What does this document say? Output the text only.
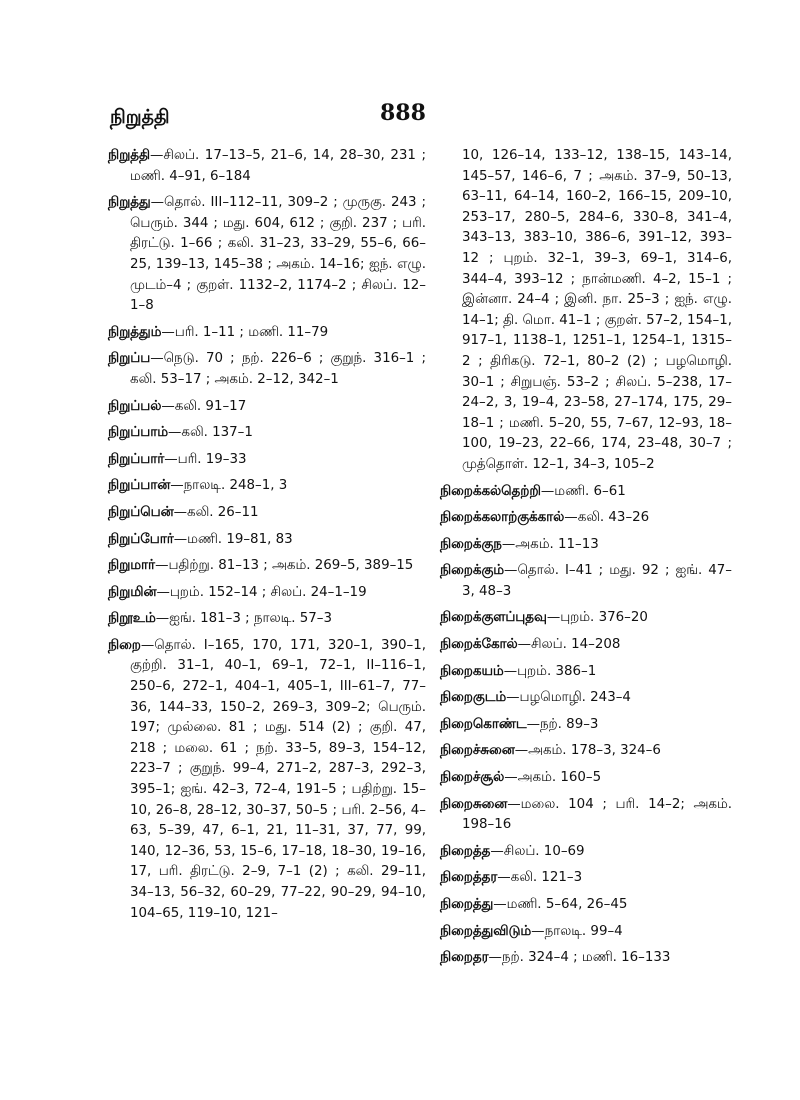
நிறுத்தி	888
நிறுத்தி—சிலப். 17–13–5, 21–6, 14, 28–30, 231 ; மணி. 4–91, 6–184
நிறுத்து—தொல். III–112–11, 309–2 ; முருகு. 243 ; பெரும். 344 ; மது. 604, 612 ; குறி. 237 ; பரி. திரட்டு. 1–66 ; கலி. 31–23, 33–29, 55–6, 66–25, 139–13, 145–38 ; அகம். 14–16; ஐந். எழு. முடம்–4 ; குறள். 1132–2, 1174–2 ; சிலப். 12–1–8
நிறுத்தும்—பரி. 1–11 ; மணி. 11–79
நிறுப்ப—நெடு. 70 ; நற். 226–6 ; குறுந். 316–1 ; கலி. 53–17 ; அகம். 2–12, 342–1
நிறுப்பல்—கலி. 91–17
நிறுப்பாம்—கலி. 137–1
நிறுப்பார்—பரி. 19–33
நிறுப்பான்—நாலடி. 248–1, 3
நிறுப்பென்—கலி. 26–11
நிறுப்போர்—மணி. 19–81, 83
நிறுமார்—பதிற்று. 81–13 ; அகம். 269–5, 389–15
நிறுமின்—புறம். 152–14 ; சிலப். 24–1–19
நிறூஉம்—ஐங். 181–3 ; நாலடி. 57–3
நிறை—தொல். I–165, 170, 171, 320–1, 390–1, குற்றி. 31–1, 40–1, 69–1, 72–1, II–116–1, 250–6, 272–1, 404–1, 405–1, III–61–7, 77–36, 144–33, 150–2, 269–3, 309–2; பெரும். 197; முல்லை. 81 ; மது. 514 (2) ; குறி. 47, 218 ; மலை. 61 ; நற். 33–5, 89–3, 154–12, 223–7 ; குறுந். 99–4, 271–2, 287–3, 292–3, 395–1; ஐங். 42–3, 72–4, 191–5 ; பதிற்று. 15–10, 26–8, 28–12, 30–37, 50–5 ; பரி. 2–56, 4–63, 5–39, 47, 6–1, 21, 11–31, 37, 77, 99, 140, 12–36, 53, 15–6, 17–18, 18–30, 19–16, 17, பரி. திரட்டு. 2–9, 7–1 (2) ; கலி. 29–11, 34–13, 56–32, 60–29, 77–22, 90–29, 94–10, 104–65, 119–10, 121–
10, 126–14, 133–12, 138–15, 143–14, 145–57, 146–6, 7 ; அகம். 37–9, 50–13, 63–11, 64–14, 160–2, 166–15, 209–10, 253–17, 280–5, 284–6, 330–8, 341–4, 343–13, 383–10, 386–6, 391–12, 393–12 ; புறம். 32–1, 39–3, 69–1, 314–6, 344–4, 393–12 ; நான்மணி. 4–2, 15–1 ; இன்னா. 24–4 ; இனி. நா. 25–3 ; ஐந். எழு. 14–1; தி. மொ. 41–1 ; குறள். 57–2, 154–1, 917–1, 1138–1, 1251–1, 1254–1, 1315–2 ; திரிகடு. 72–1, 80–2 (2) ; பழமொழி. 30–1 ; சிறுபஞ். 53–2 ; சிலப். 5–238, 17–24–2, 3, 19–4, 23–58, 27–174, 175, 29–18–1 ; மணி. 5–20, 55, 7–67, 12–93, 18–100, 19–23, 22–66, 174, 23–48, 30–7 ; முத்தொள். 12–1, 34–3, 105–2
நிறைக்கல்தெற்றி—மணி. 6–61
நிறைக்கலாற்குக்கால்—கலி. 43–26
நிறைக்குந—அகம். 11–13
நிறைக்கும்—தொல். I–41 ; மது. 92 ; ஐங். 47–3, 48–3
நிறைக்குளப்புதவு—புறம். 376–20
நிறைக்கோல்—சிலப். 14–208
நிறைகயம்—புறம். 386–1
நிறைகுடம்—பழமொழி. 243–4
நிறைகொண்ட—நற். 89–3
நிறைச்சுனை—அகம். 178–3, 324–6
நிறைச்சூல்—அகம். 160–5
நிறைசுனை—மலை. 104 ; பரி. 14–2; அகம். 198–16
நிறைத்த—சிலப். 10–69
நிறைத்தர—கலி. 121–3
நிறைத்து—மணி. 5–64, 26–45
நிறைத்துவிடும்—நாலடி. 99–4
நிறைதர—நற். 324–4 ; மணி. 16–133
